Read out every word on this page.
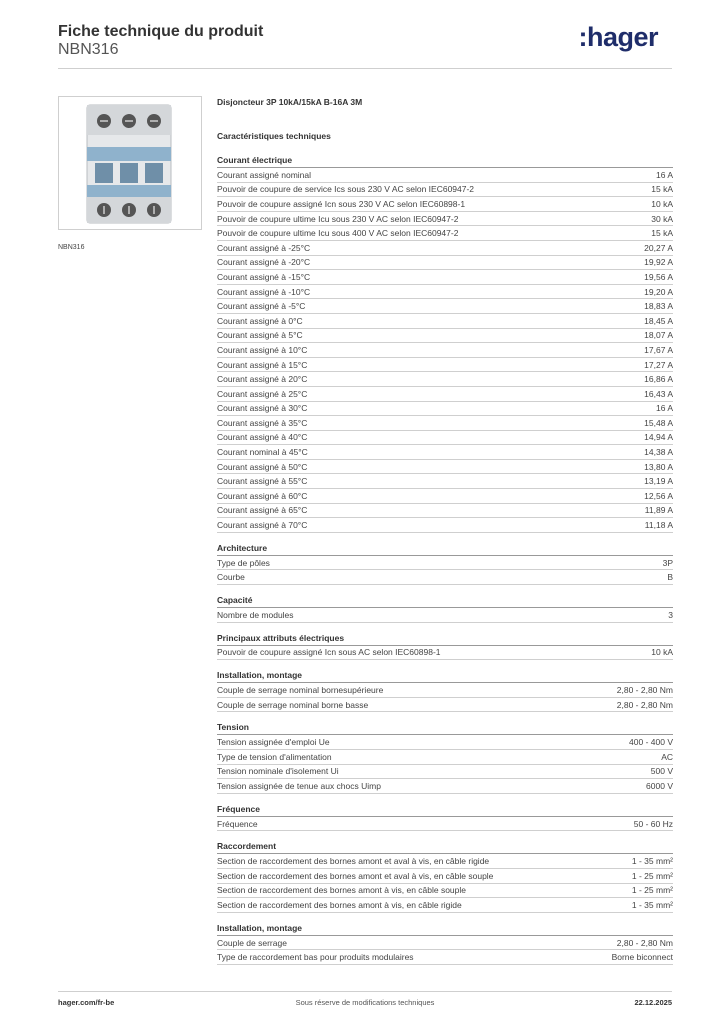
Fiche technique du produit
NBN316	:hager
NBN316
Disjoncteur 3P 10kA/15kA B-16A 3M
Caractéristiques techniques
Courant électrique
Courant assigné nominal	16 A
Pouvoir de coupure de service Ics sous 230 V AC selon IEC60947-2	15 kA
Pouvoir de coupure assigné Icn sous 230 V AC selon IEC60898-1	10 kA
Pouvoir de coupure ultime Icu sous 230 V AC selon IEC60947-2	30 kA
Pouvoir de coupure ultime Icu sous 400 V AC selon IEC60947-2	15 kA
Courant assigné à -25°C	20,27 A
Courant assigné à -20°C	19,92 A
Courant assigné à -15°C	19,56 A
Courant assigné à -10°C	19,20 A
Courant assigné à -5°C	18,83 A
Courant assigné à 0°C	18,45 A
Courant assigné à 5°C	18,07 A
Courant assigné à 10°C	17,67 A
Courant assigné à 15°C	17,27 A
Courant assigné à 20°C	16,86 A
Courant assigné à 25°C	16,43 A
Courant assigné à 30°C	16 A
Courant assigné à 35°C	15,48 A
Courant assigné à 40°C	14,94 A
Courant nominal à 45°C	14,38 A
Courant assigné à 50°C	13,80 A
Courant assigné à 55°C	13,19 A
Courant assigné à 60°C	12,56 A
Courant assigné à 65°C	11,89 A
Courant assigné à 70°C	11,18 A
Architecture
Type de pôles	3P
Courbe	B
Capacité
Nombre de modules	3
Principaux attributs électriques
Pouvoir de coupure assigné Icn sous AC selon IEC60898-1	10 kA
Installation, montage
Couple de serrage nominal bornesupérieure	2,80 - 2,80 Nm
Couple de serrage nominal borne basse	2,80 - 2,80 Nm
Tension
Tension assignée d'emploi Ue	400 - 400 V
Type de tension d'alimentation	AC
Tension nominale d'isolement Ui	500 V
Tension assignée de tenue aux chocs Uimp	6000 V
Fréquence
Fréquence	50 - 60 Hz
Raccordement
Section de raccordement des bornes amont et aval à vis, en câble rigide	1 - 35 mm²
Section de raccordement des bornes amont et aval à vis, en câble souple	1 - 25 mm²
Section de raccordement des bornes amont à vis, en câble souple	1 - 25 mm²
Section de raccordement des bornes amont à vis, en câble rigide	1 - 35 mm²
Installation, montage
Couple de serrage	2,80 - 2,80 Nm
Type de raccordement bas pour produits modulaires	Borne biconnect
hager.com/fr-be	Sous réserve de modifications techniques	22.12.2025
